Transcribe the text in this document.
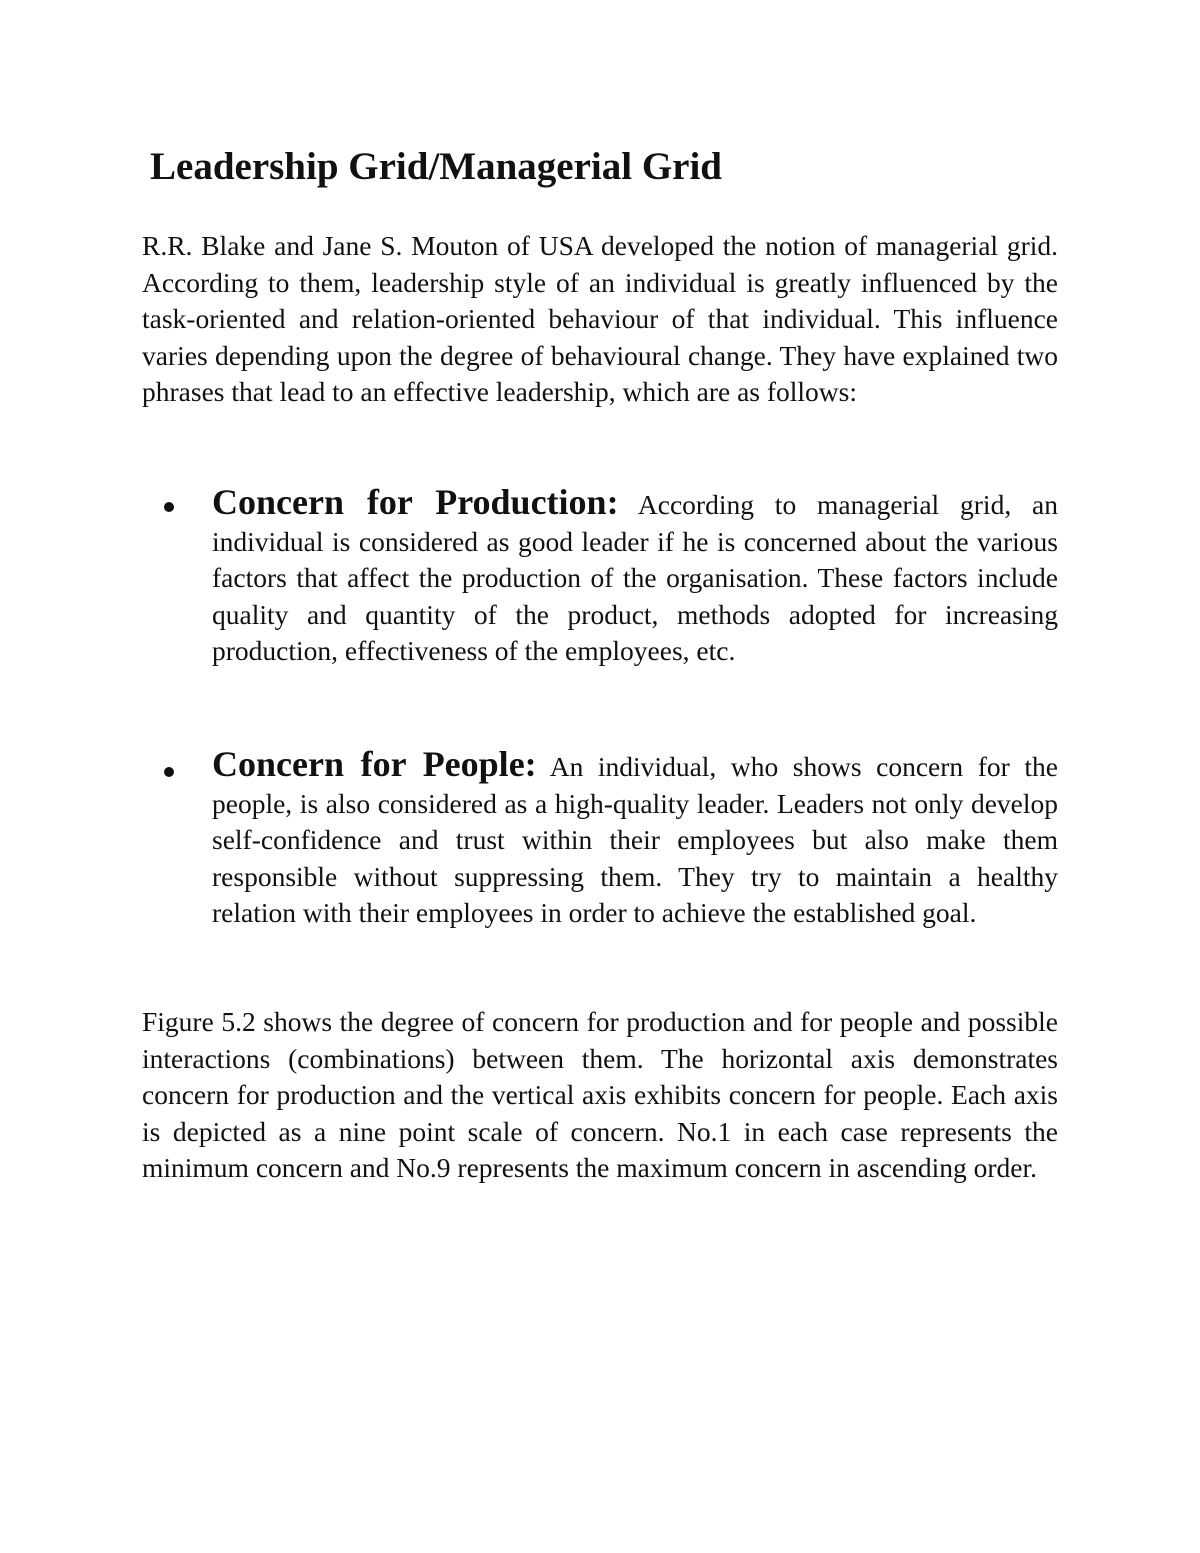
Leadership Grid/Managerial Grid

R.R. Blake and Jane S. Mouton of USA developed the notion of managerial grid. According to them, leadership style of an individual is greatly influenced by the task-oriented and relation-oriented behaviour of that individual. This influence varies depending upon the degree of behavioural change. They have explained two phrases that lead to an effective leadership, which are as follows:

Concern for Production: According to managerial grid, an individual is considered as good leader if he is concerned about the various factors that affect the production of the organisation. These factors include quality and quantity of the product, methods adopted for increasing production, effectiveness of the employees, etc.
Concern for People: An individual, who shows concern for the people, is also considered as a high-quality leader. Leaders not only develop self-confidence and trust within their employees but also make them responsible without suppressing them. They try to maintain a healthy relation with their employees in order to achieve the established goal.

Figure 5.2 shows the degree of concern for production and for people and possible interactions (combinations) between them. The horizontal axis demonstrates concern for production and the vertical axis exhibits concern for people. Each axis is depicted as a nine point scale of concern. No.1 in each case represents the minimum concern and No.9 represents the maximum concern in ascending order.
